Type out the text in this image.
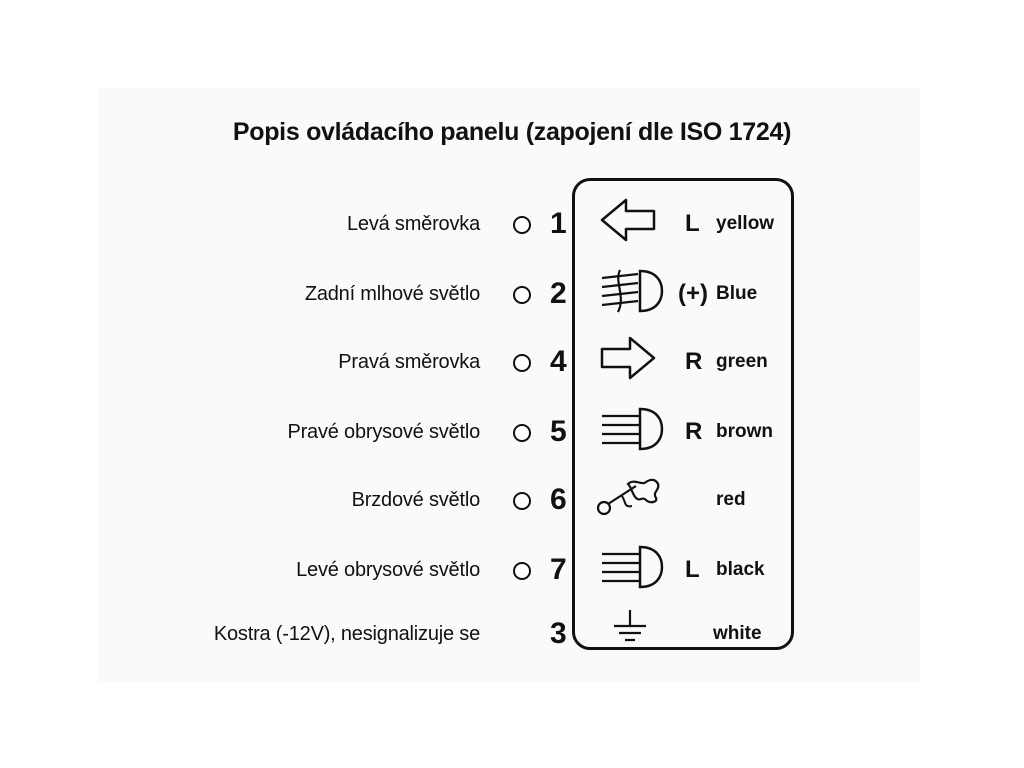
Popis ovládacího panelu (zapojení dle ISO 1724)
Levá směrovka 1	L yellow
Zadní mlhové světlo 2	(+) Blue
Pravá směrovka 4	R green
Pravé obrysové světlo 5	R brown
Brzdové světlo 6	red
Levé obrysové světlo 7	L black
Kostra (-12V), nesignalizuje se 3	white
